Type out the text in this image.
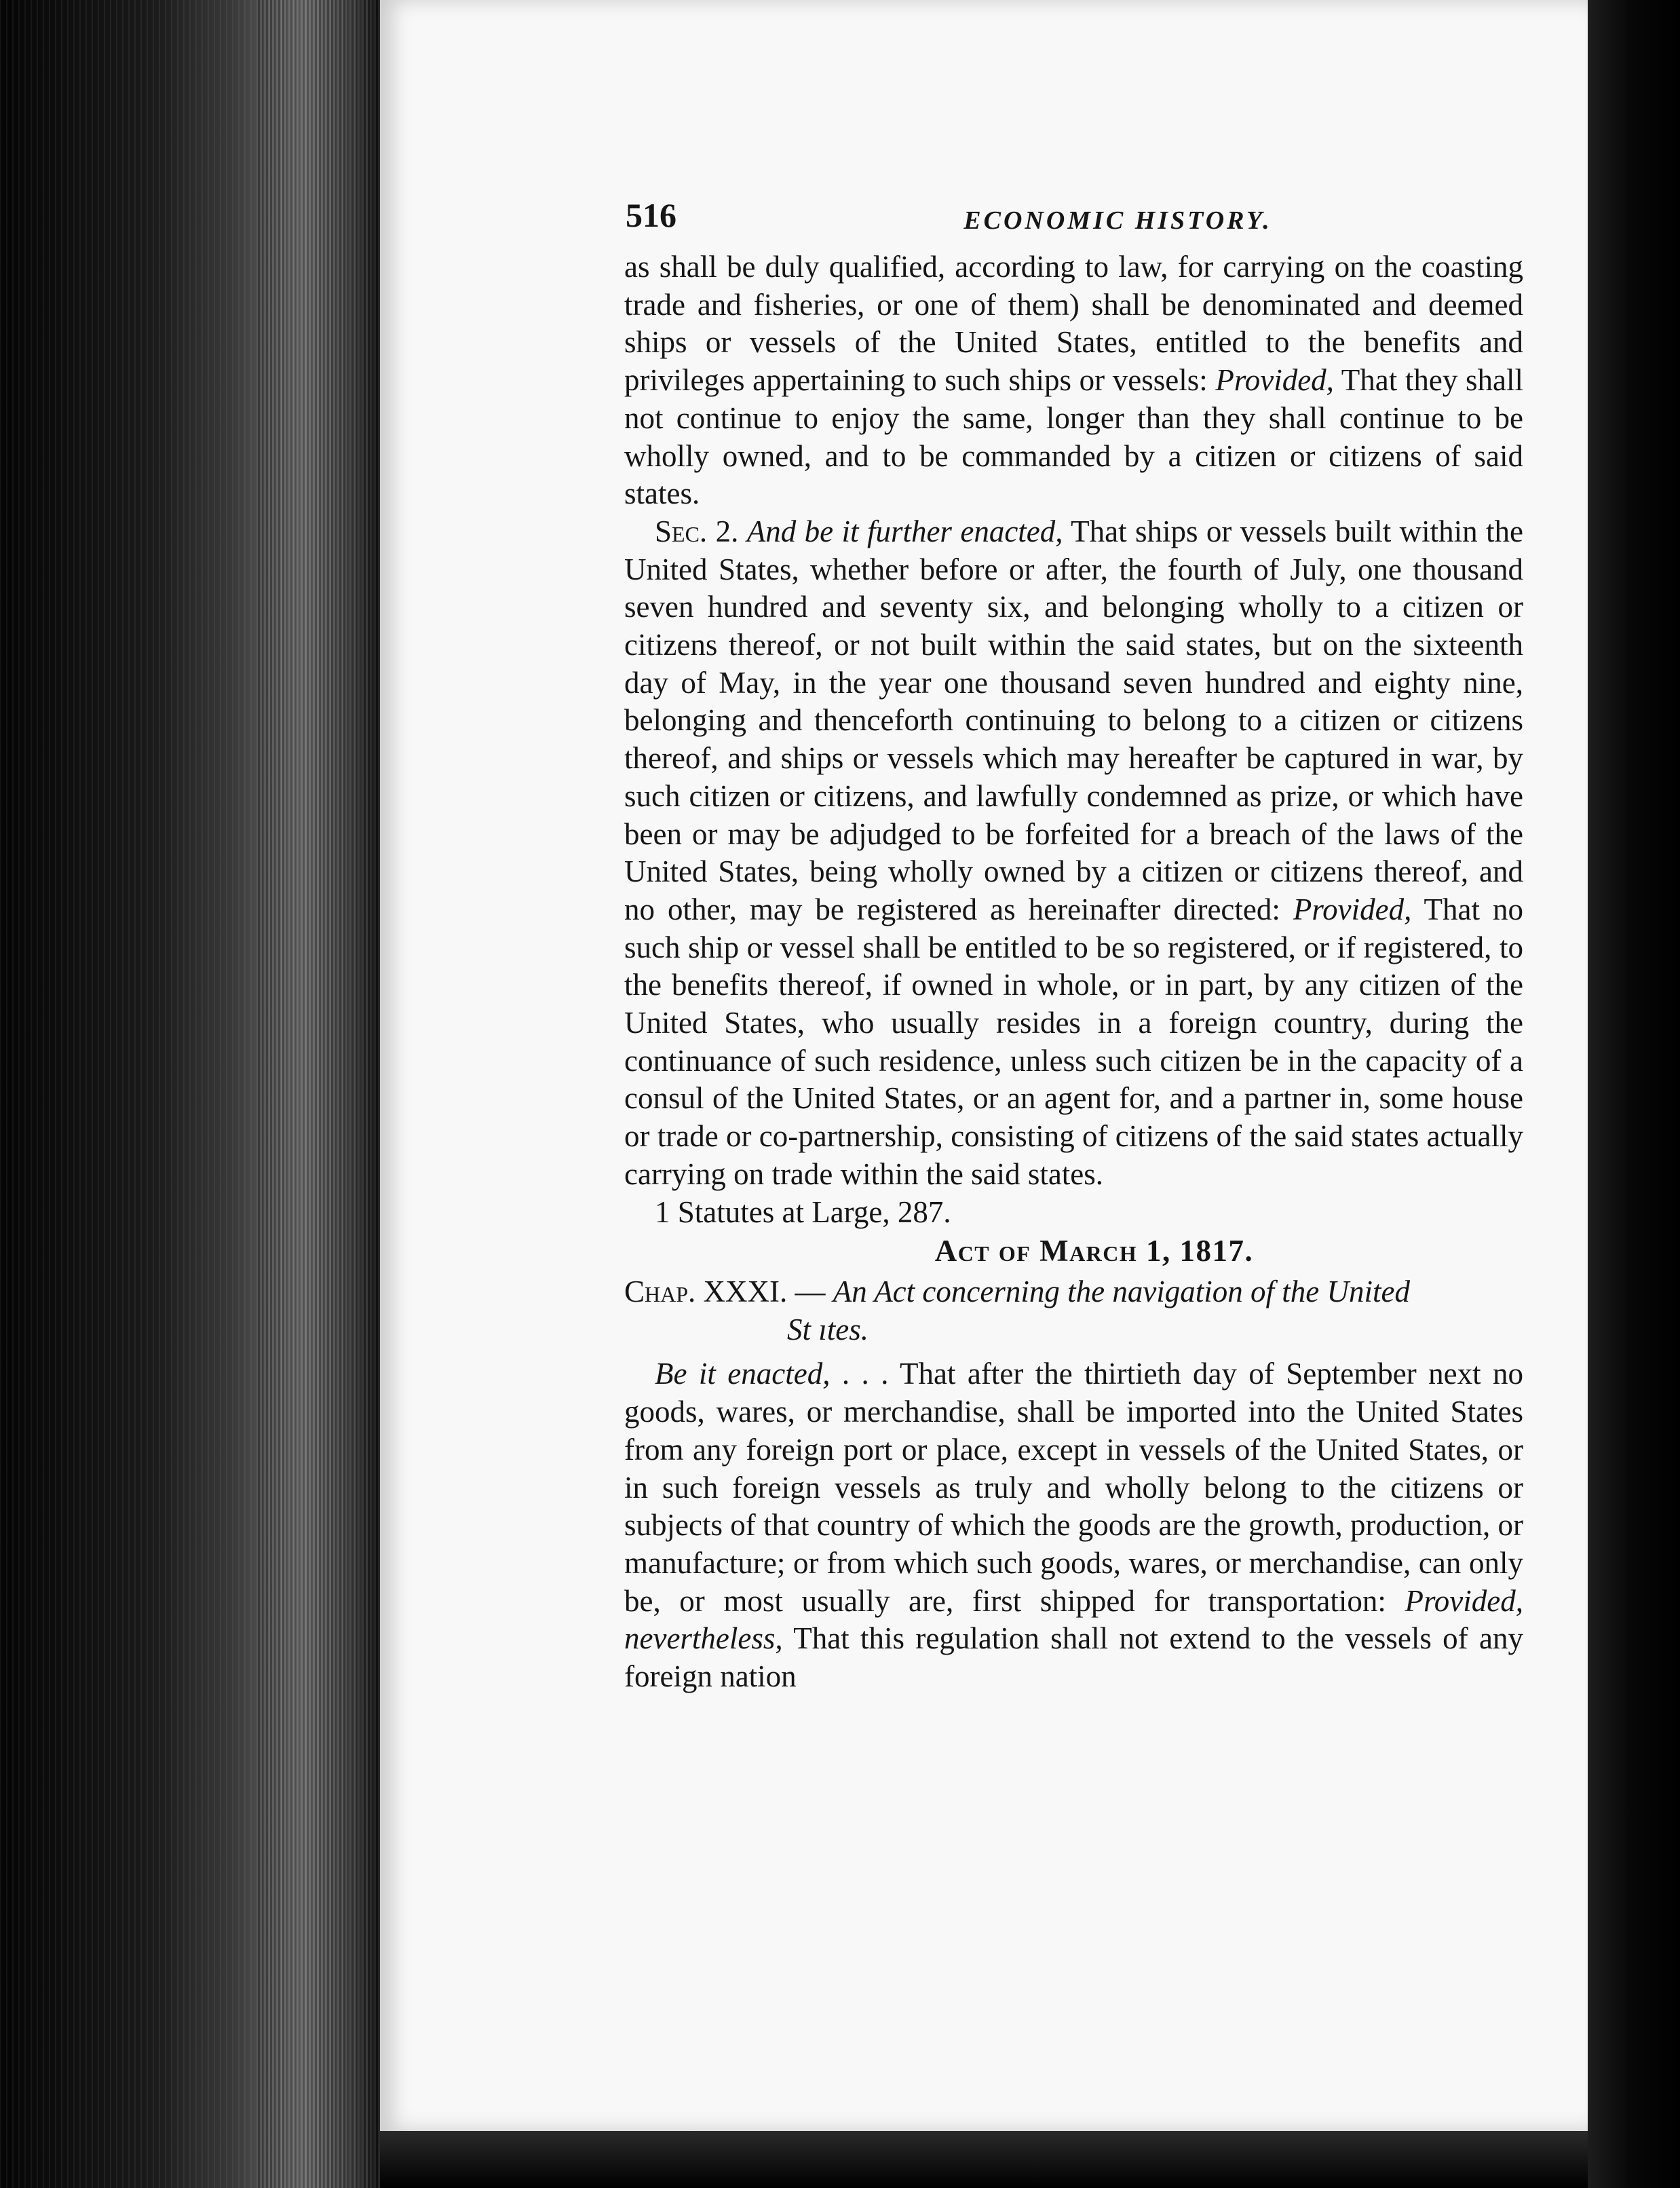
516	ECONOMIC HISTORY.

as shall be duly qualified, according to law, for carrying on the coasting trade and fisheries, or one of them) shall be denominated and deemed ships or vessels of the United States, entitled to the benefits and privileges appertaining to such ships or vessels: Provided, That they shall not continue to enjoy the same, longer than they shall continue to be wholly owned, and to be commanded by a citizen or citizens of said states.

Sec. 2. And be it further enacted, That ships or vessels built within the United States, whether before or after, the fourth of July, one thousand seven hundred and seventy six, and belonging wholly to a citizen or citizens thereof, or not built within the said states, but on the sixteenth day of May, in the year one thousand seven hundred and eighty nine, belonging and thenceforth continuing to belong to a citizen or citizens thereof, and ships or vessels which may hereafter be captured in war, by such citizen or citizens, and lawfully condemned as prize, or which have been or may be adjudged to be forfeited for a breach of the laws of the United States, being wholly owned by a citizen or citizens thereof, and no other, may be registered as hereinafter directed: Provided, That no such ship or vessel shall be entitled to be so registered, or if registered, to the benefits thereof, if owned in whole, or in part, by any citizen of the United States, who usually resides in a foreign country, during the continuance of such residence, unless such citizen be in the capacity of a consul of the United States, or an agent for, and a partner in, some house or trade or co-partnership, consisting of citizens of the said states actually carrying on trade within the said states.

1 Statutes at Large, 287.

Act of March 1, 1817.

Chap. XXXI. — An Act concerning the navigation of the United
St ıtes.

Be it enacted, . . . That after the thirtieth day of September next no goods, wares, or merchandise, shall be imported into the United States from any foreign port or place, except in vessels of the United States, or in such foreign vessels as truly and wholly belong to the citizens or subjects of that country of which the goods are the growth, production, or manufacture; or from which such goods, wares, or merchandise, can only be, or most usually are, first shipped for transportation: Provided, nevertheless, That this regulation shall not extend to the vessels of any foreign nation
